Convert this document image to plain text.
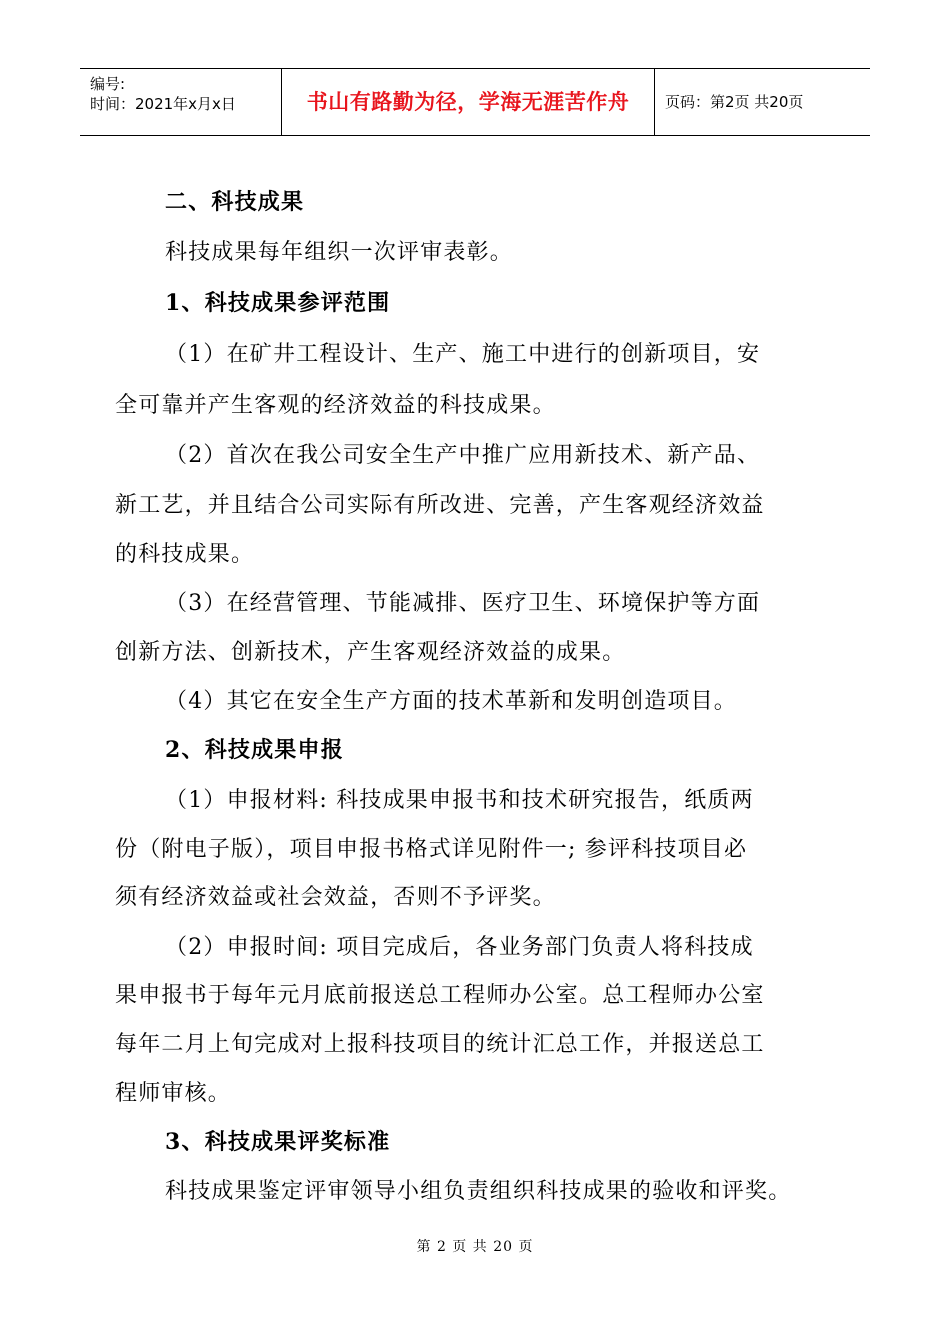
编号:
时间：2021年x月x日	书山有路勤为径，学海无涯苦作舟	页码：第2页 共20页
二、科技成果
科技成果每年组织一次评审表彰。
1、科技成果参评范围
（1）在矿井工程设计、生产、施工中进行的创新项目，安
全可靠并产生客观的经济效益的科技成果。
（2）首次在我公司安全生产中推广应用新技术、新产品、
新工艺，并且结合公司实际有所改进、完善，产生客观经济效益
的科技成果。
（3）在经营管理、节能减排、医疗卫生、环境保护等方面
创新方法、创新技术，产生客观经济效益的成果。
（4）其它在安全生产方面的技术革新和发明创造项目。
2、科技成果申报
（1）申报材料: 科技成果申报书和技术研究报告，纸质两
份（附电子版），项目申报书格式详见附件一; 参评科技项目必
须有经济效益或社会效益，否则不予评奖。
（2）申报时间: 项目完成后，各业务部门负责人将科技成
果申报书于每年元月底前报送总工程师办公室。总工程师办公室
每年二月上旬完成对上报科技项目的统计汇总工作，并报送总工
程师审核。
3、科技成果评奖标准
科技成果鉴定评审领导小组负责组织科技成果的验收和评奖。
第 2 页 共 20 页
